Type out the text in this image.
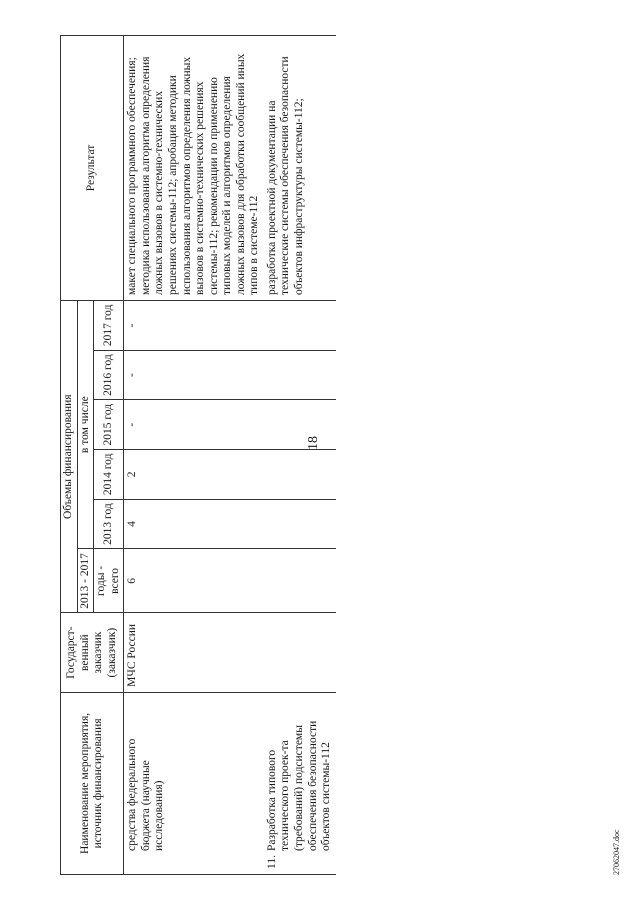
18
Наименование мероприятия, источник финансирования	Государст-венный заказчик (заказчик)	Объемы финансирования						Результат
		2013 - 2017	в том числе					
		годы - всего	2013 год	2014 год	2015 год	2016 год	2017 год	
средства федерального бюджета (научные исследования)	МЧС России	6	4	2	-	-	-	макет специального программного обеспечения; методика использования алгоритма определения ложных вызовов в системно-технических решениях системы-112; апробация методики использования алгоритмов определения ложных вызовов в системно-технических решениях системы-112; рекомендации по применению типовых моделей и алгоритмов определения ложных вызовов для обработки сообщений иных типов в системе-112
11.Разработка типового технического проек-та (требований) подсистемы обеспечения безопасности объектов системы-112								разработка проектной документации на технические системы обеспечения безопасности объектов инфраструктуры системы-112;
27062047.doc
